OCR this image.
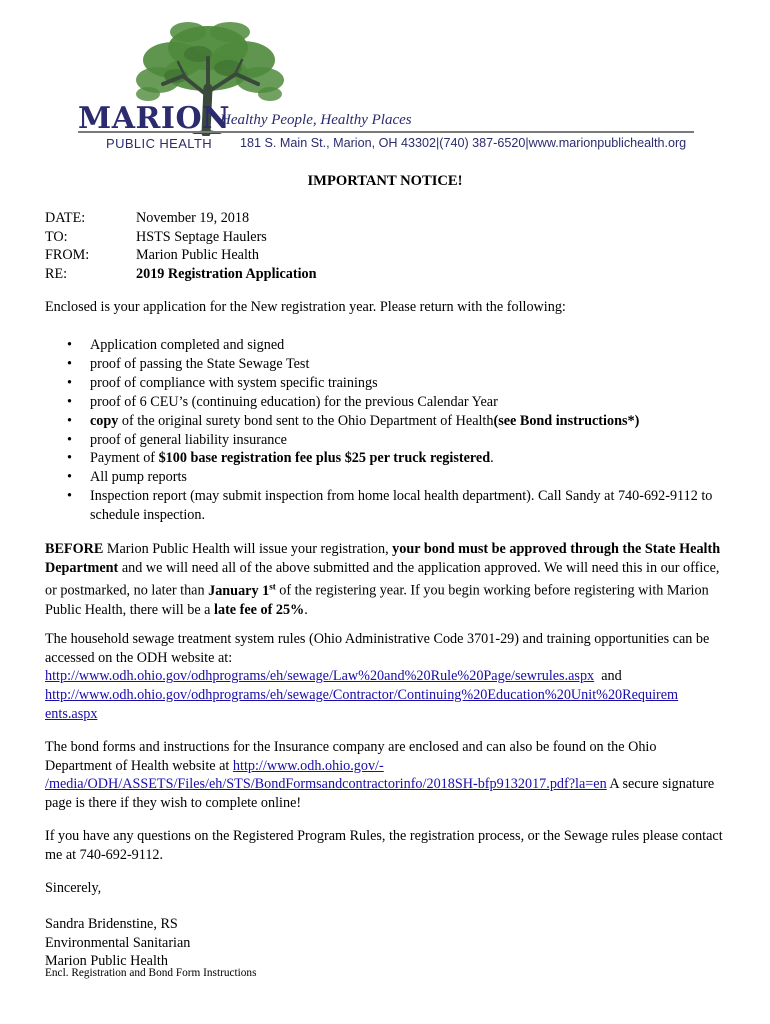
MARION
Healthy People, Healthy Places
PUBLIC HEALTH 181 S. Main St., Marion, OH 43302|(740) 387-6520|www.marionpublichealth.org
IMPORTANT NOTICE!
DATE:	November 19, 2018
TO:	HSTS Septage Haulers
FROM:	Marion Public Health
RE:	2019 Registration Application
Enclosed is your application for the New registration year. Please return with the following:
• Application completed and signed
• proof of passing the State Sewage Test
• proof of compliance with system specific trainings
• proof of 6 CEU’s (continuing education) for the previous Calendar Year
• copy of the original surety bond sent to the Ohio Department of Health(see Bond instructions*)
• proof of general liability insurance
• Payment of $100 base registration fee plus $25 per truck registered.
• All pump reports
• Inspection report (may submit inspection from home local health department). Call Sandy at 740-692-9112 to schedule inspection.
BEFORE Marion Public Health will issue your registration, your bond must be approved through the State Health Department and we will need all of the above submitted and the application approved. We will need this in our office, or postmarked, no later than January 1st of the registering year. If you begin working before registering with Marion Public Health, there will be a late fee of 25%.
The household sewage treatment system rules (Ohio Administrative Code 3701-29) and training opportunities can be accessed on the ODH website at:
http://www.odh.ohio.gov/odhprograms/eh/sewage/Law%20and%20Rule%20Page/sewrules.aspx and
http://www.odh.ohio.gov/odhprograms/eh/sewage/Contractor/Continuing%20Education%20Unit%20Requirem ents.aspx
The bond forms and instructions for the Insurance company are enclosed and can also be found on the Ohio Department of Health website at http://www.odh.ohio.gov/- /media/ODH/ASSETS/Files/eh/STS/BondFormsandcontractorinfo/2018SH-bfp9132017.pdf?la=en A secure signature page is there if they wish to complete online!
If you have any questions on the Registered Program Rules, the registration process, or the Sewage rules please contact me at 740-692-9112.
Sincerely,
Sandra Bridenstine, RS
Environmental Sanitarian
Marion Public Health
Encl. Registration and Bond Form Instructions
